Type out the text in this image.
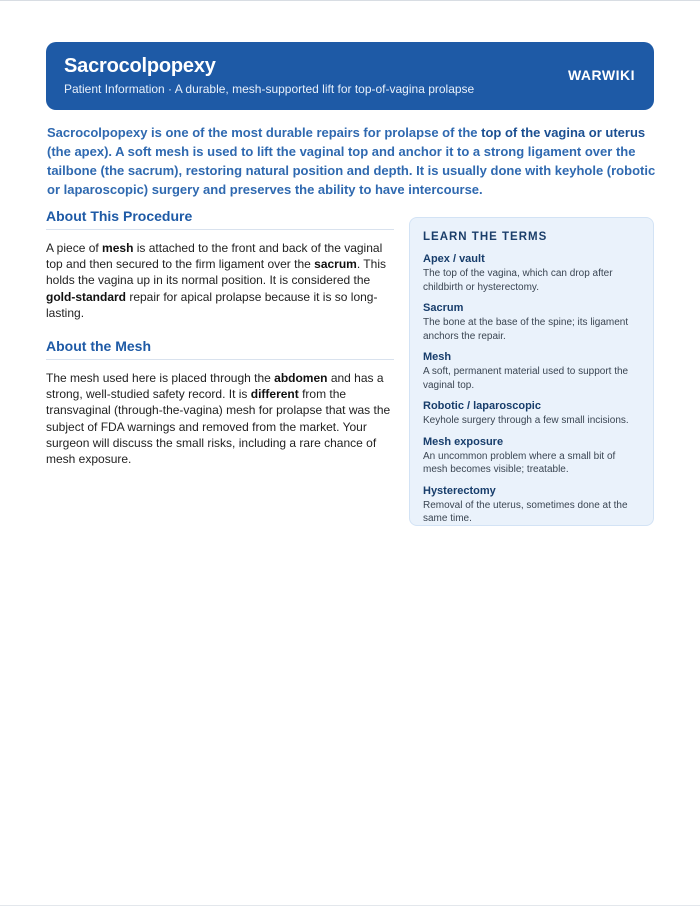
Sacrocolpopexy
Patient Information · A durable, mesh-supported lift for top-of-vagina prolapse
WARWIKI

Sacrocolpopexy is one of the most durable repairs for prolapse of the top of the vagina or uterus (the apex). A soft mesh is used to lift the vaginal top and anchor it to a strong ligament over the tailbone (the sacrum), restoring natural position and depth. It is usually done with keyhole (robotic or laparoscopic) surgery and preserves the ability to have intercourse.

About This Procedure

A piece of mesh is attached to the front and back of the vaginal top and then secured to the firm ligament over the sacrum. This holds the vagina up in its normal position. It is considered the gold-standard repair for apical prolapse because it is so long-lasting.

About the Mesh

The mesh used here is placed through the abdomen and has a strong, well-studied safety record. It is different from the transvaginal (through-the-vagina) mesh for prolapse that was the subject of FDA warnings and removed from the market. Your surgeon will discuss the small risks, including a rare chance of mesh exposure.

LEARN THE TERMS
Apex / vault
The top of the vagina, which can drop after childbirth or hysterectomy.
Sacrum
The bone at the base of the spine; its ligament anchors the repair.
Mesh
A soft, permanent material used to support the vaginal top.
Robotic / laparoscopic
Keyhole surgery through a few small incisions.
Mesh exposure
An uncommon problem where a small bit of mesh becomes visible; treatable.
Hysterectomy
Removal of the uterus, sometimes done at the same time.
